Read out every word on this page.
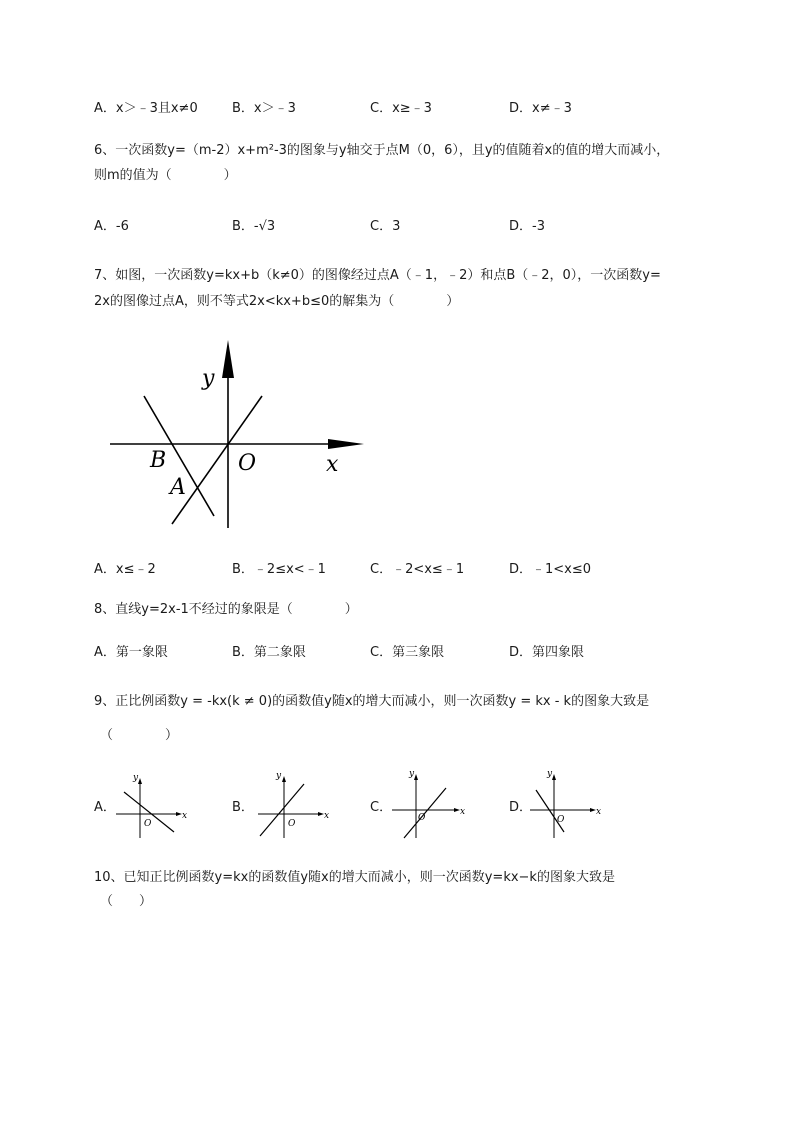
A．x＞﹣3且x≠0	B．x＞﹣3	C．x≥﹣3	D．x≠﹣3
6、一次函数y=（m-2）x+m²-3的图象与y轴交于点M（0，6），且y的值随着x的值的增大而减小，
则m的值为（　　　　）
A．-6	B．-√3	C．3	D．-3
7、如图，一次函数y=kx+b（k≠0）的图像经过点A（﹣1，﹣2）和点B（﹣2，0），一次函数y=
2x的图像过点A，则不等式2x<kx+b≤0的解集为（　　　　）
y
x
O
B
A
A．x≤﹣2	B．﹣2≤x<﹣1	C．﹣2<x≤﹣1	D．﹣1<x≤0
8、直线y=2x-1不经过的象限是（　　　　）
A．第一象限	B．第二象限	C．第三象限	D．第四象限
9、正比例函数y = -kx(k ≠ 0)的函数值y随x的增大而减小，则一次函数y = kx - k的图象大致是
（　　　　）
A．
y
x
O
B．
y
x
O
C．
y
x
O
D．
y
x
O
10、已知正比例函数y=kx的函数值y随x的增大而减小，则一次函数y=kx−k的图象大致是
（　　）
